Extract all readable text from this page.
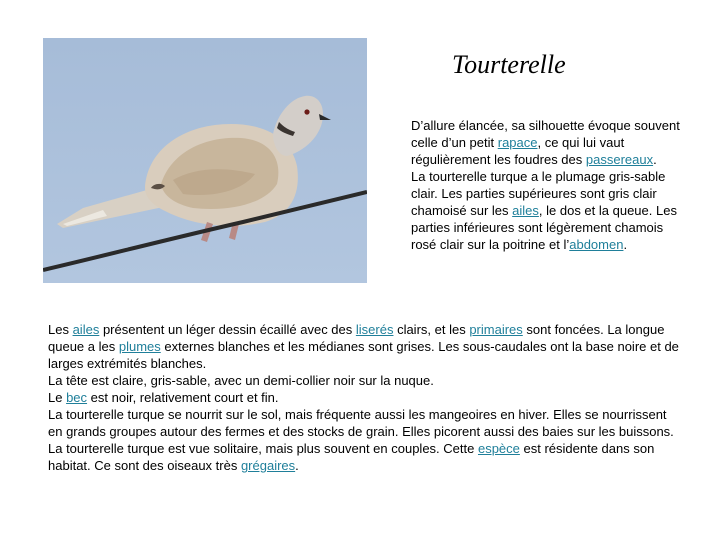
Tourterelle

D’allure élancée, sa silhouette évoque souvent celle d’un petit rapace, ce qui lui vaut régulièrement les foudres des passereaux.

La tourterelle turque a le plumage gris-sable clair. Les parties supérieures sont gris clair chamoisé sur les ailes, le dos et la queue. Les parties inférieures sont légèrement chamois rosé clair sur la poitrine et l’abdomen.

Les ailes présentent un léger dessin écaillé avec des liserés clairs, et les primaires sont foncées. La longue queue a les plumes externes blanches et les médianes sont grises. Les sous-caudales ont la base noire et de larges extrémités blanches.

La tête est claire, gris-sable, avec un demi-collier noir sur la nuque.

Le bec est noir, relativement court et fin.

La tourterelle turque se nourrit sur le sol, mais fréquente aussi les mangeoires en hiver. Elles se nourrissent en grands groupes autour des fermes et des stocks de grain. Elles picorent aussi des baies sur les buissons.

La tourterelle turque est vue solitaire, mais plus souvent en couples. Cette espèce est résidente dans son habitat. Ce sont des oiseaux très grégaires.
